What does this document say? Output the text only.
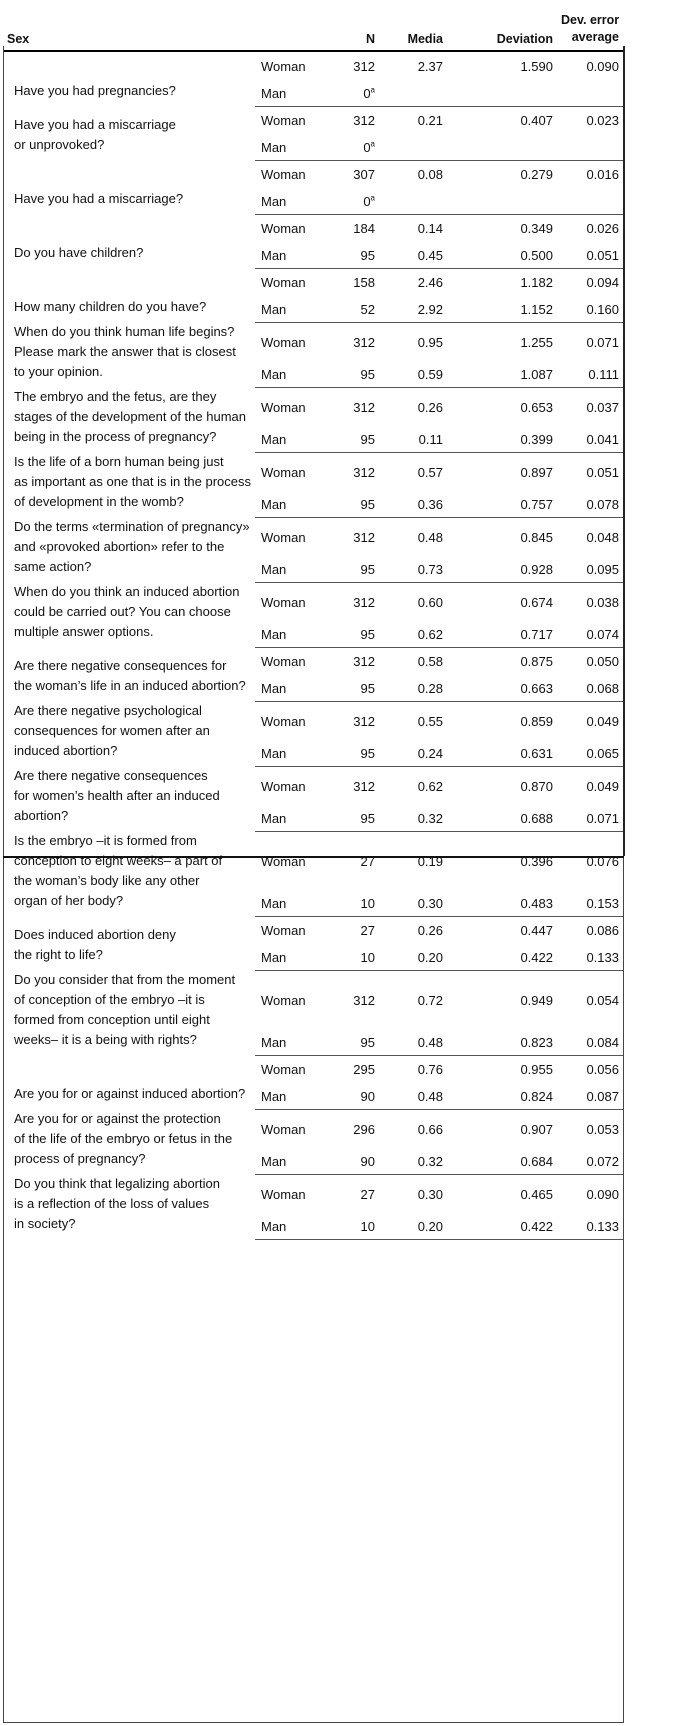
Sex		N	Media	Deviation	Dev. error
average

Have you had pregnancies?	Woman	312	2.37	1.590	0.090
	Man	0$^a$			
Have you had a miscarriage
or unprovoked?	Woman	312	0.21	0.407	0.023
	Man	0$^a$			
Have you had a miscarriage?	Woman	307	0.08	0.279	0.016
	Man	0$^a$			
Do you have children?	Woman	184	0.14	0.349	0.026
	Man	95	0.45	0.500	0.051
How many children do you have?	Woman	158	2.46	1.182	0.094
	Man	52	2.92	1.152	0.160
When do you think human life begins?
Please mark the answer that is closest
to your opinion.	Woman	312	0.95	1.255	0.071
	Man	95	0.59	1.087	0.111
The embryo and the fetus, are they
stages of the development of the human
being in the process of pregnancy?	Woman	312	0.26	0.653	0.037
	Man	95	0.11	0.399	0.041
Is the life of a born human being just
as important as one that is in the process
of development in the womb?	Woman	312	0.57	0.897	0.051
	Man	95	0.36	0.757	0.078
Do the terms «termination of pregnancy»
and «provoked abortion» refer to the
same action?	Woman	312	0.48	0.845	0.048
	Man	95	0.73	0.928	0.095
When do you think an induced abortion
could be carried out? You can choose
multiple answer options.	Woman	312	0.60	0.674	0.038
	Man	95	0.62	0.717	0.074
Are there negative consequences for
the woman’s life in an induced abortion?	Woman	312	0.58	0.875	0.050
	Man	95	0.28	0.663	0.068
Are there negative psychological
consequences for women after an
induced abortion?	Woman	312	0.55	0.859	0.049
	Man	95	0.24	0.631	0.065
Are there negative consequences
for women’s health after an induced
abortion?	Woman	312	0.62	0.870	0.049
	Man	95	0.32	0.688	0.071
Is the embryo –it is formed from
conception to eight weeks– a part of
the woman’s body like any other
organ of her body?	Woman	27	0.19	0.396	0.076
	Man	10	0.30	0.483	0.153
Does induced abortion deny
the right to life?	Woman	27	0.26	0.447	0.086
	Man	10	0.20	0.422	0.133
Do you consider that from the moment
of conception of the embryo –it is
formed from conception until eight
weeks– it is a being with rights?	Woman	312	0.72	0.949	0.054
	Man	95	0.48	0.823	0.084
Are you for or against induced abortion?	Woman	295	0.76	0.955	0.056
	Man	90	0.48	0.824	0.087
Are you for or against the protection
of the life of the embryo or fetus in the
process of pregnancy?	Woman	296	0.66	0.907	0.053
	Man	90	0.32	0.684	0.072
Do you think that legalizing abortion
is a reflection of the loss of values
in society?	Woman	27	0.30	0.465	0.090
	Man	10	0.20	0.422	0.133
